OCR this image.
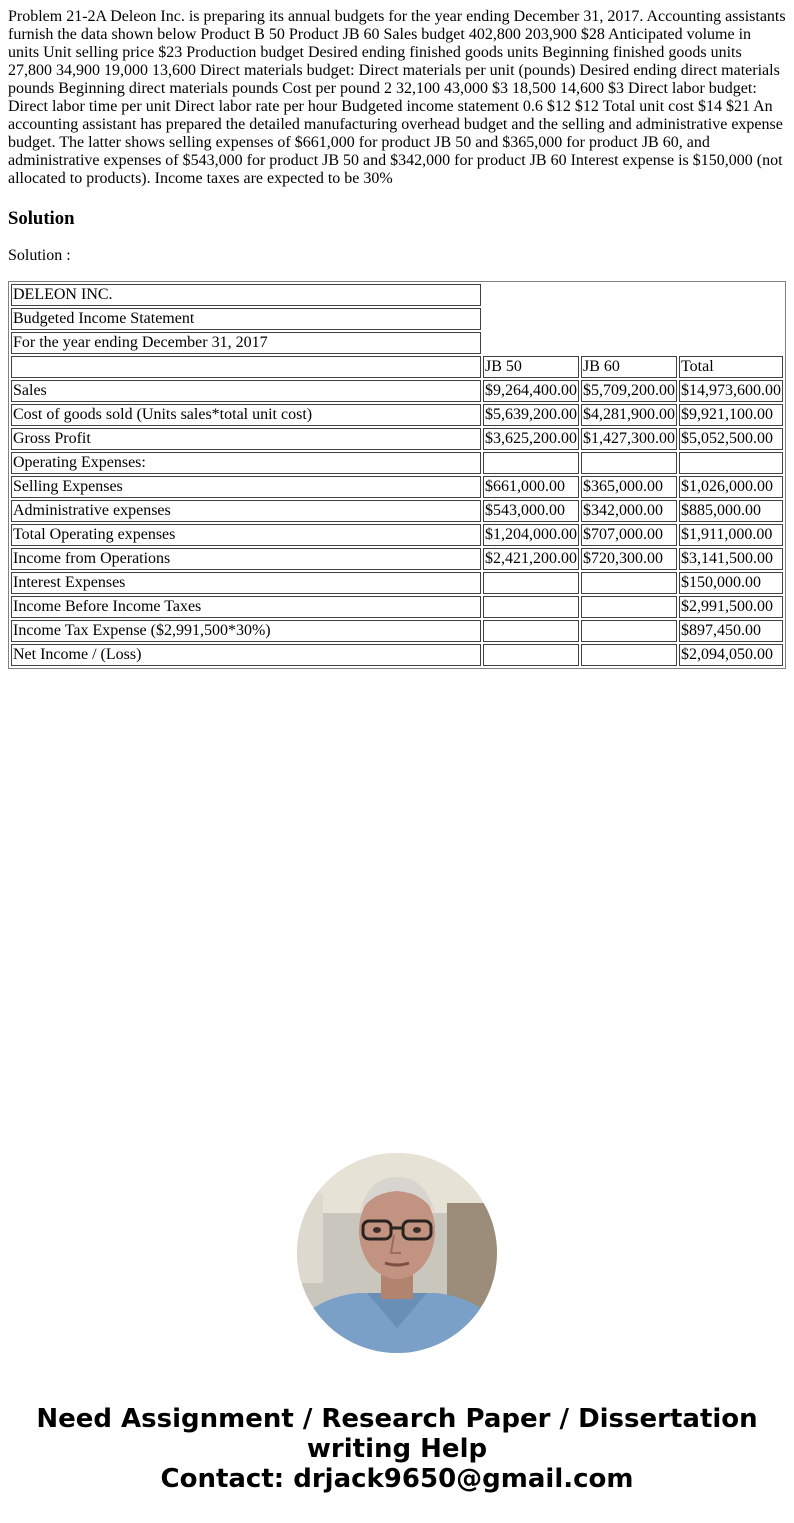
Problem 21-2A Deleon Inc. is preparing its annual budgets for the year ending December 31, 2017. Accounting assistants furnish the data shown below Product B 50 Product JB 60 Sales budget 402,800 203,900 $28 Anticipated volume in units Unit selling price $23 Production budget Desired ending finished goods units Beginning finished goods units 27,800 34,900 19,000 13,600 Direct materials budget: Direct materials per unit (pounds) Desired ending direct materials pounds Beginning direct materials pounds Cost per pound 2 32,100 43,000 $3 18,500 14,600 $3 Direct labor budget: Direct labor time per unit Direct labor rate per hour Budgeted income statement 0.6 $12 $12 Total unit cost $14 $21 An accounting assistant has prepared the detailed manufacturing overhead budget and the selling and administrative expense budget. The latter shows selling expenses of $661,000 for product JB 50 and $365,000 for product JB 60, and administrative expenses of $543,000 for product JB 50 and $342,000 for product JB 60 Interest expense is $150,000 (not allocated to products). Income taxes are expected to be 30%

Solution

Solution :

DELEON INC.			
Budgeted Income Statement			
For the year ending December 31, 2017			
	JB 50	JB 60	Total
Sales	$9,264,400.00	$5,709,200.00	$14,973,600.00
Cost of goods sold (Units sales*total unit cost)	$5,639,200.00	$4,281,900.00	$9,921,100.00
Gross Profit	$3,625,200.00	$1,427,300.00	$5,052,500.00
Operating Expenses:			
Selling Expenses	$661,000.00	$365,000.00	$1,026,000.00
Administrative expenses	$543,000.00	$342,000.00	$885,000.00
Total Operating expenses	$1,204,000.00	$707,000.00	$1,911,000.00
Income from Operations	$2,421,200.00	$720,300.00	$3,141,500.00
Interest Expenses			$150,000.00
Income Before Income Taxes			$2,991,500.00
Income Tax Expense ($2,991,500*30%)			$897,450.00
Net Income / (Loss)			$2,094,050.00
Need Assignment / Research Paper / Dissertation
writing Help
Contact: drjack9650@gmail.com
